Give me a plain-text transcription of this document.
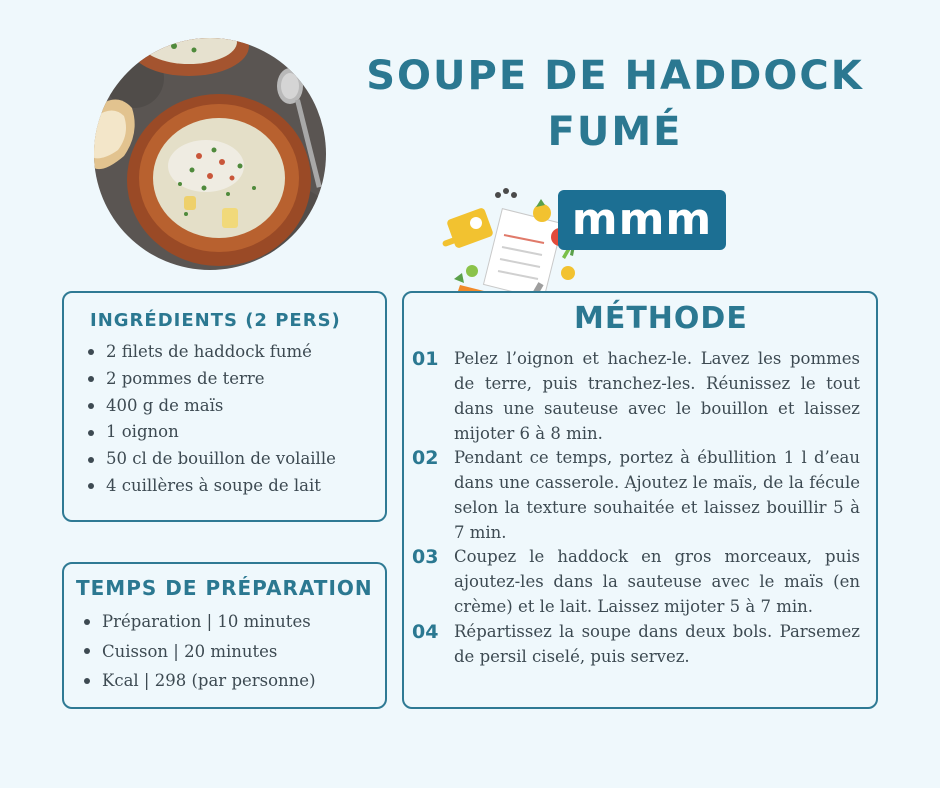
SOUPE DE HADDOCK FUMÉ
mmm
INGRÉDIENTS (2 PERS)
2 filets de haddock fumé
2 pommes de terre
400 g de maïs
1 oignon
50 cl de bouillon de volaille
4 cuillères à soupe de lait
TEMPS DE PRÉPARATION
Préparation | 10 minutes
Cuisson | 20 minutes
Kcal | 298 (par personne)
MÉTHODE
01 Pelez l’oignon et hachez-le. Lavez les pommes de terre, puis tranchez-les. Réunissez le tout dans une sauteuse avec le bouillon et laissez mijoter 6 à 8 min.
02 Pendant ce temps, portez à ébullition 1 l d’eau dans une casserole. Ajoutez le maïs, de la fécule selon la texture souhaitée et laissez bouillir 5 à 7 min.
03 Coupez le haddock en gros morceaux, puis ajoutez-les dans la sauteuse avec le maïs (en crème) et le lait. Laissez mijoter 5 à 7 min.
04 Répartissez la soupe dans deux bols. Parsemez de persil ciselé, puis servez.
